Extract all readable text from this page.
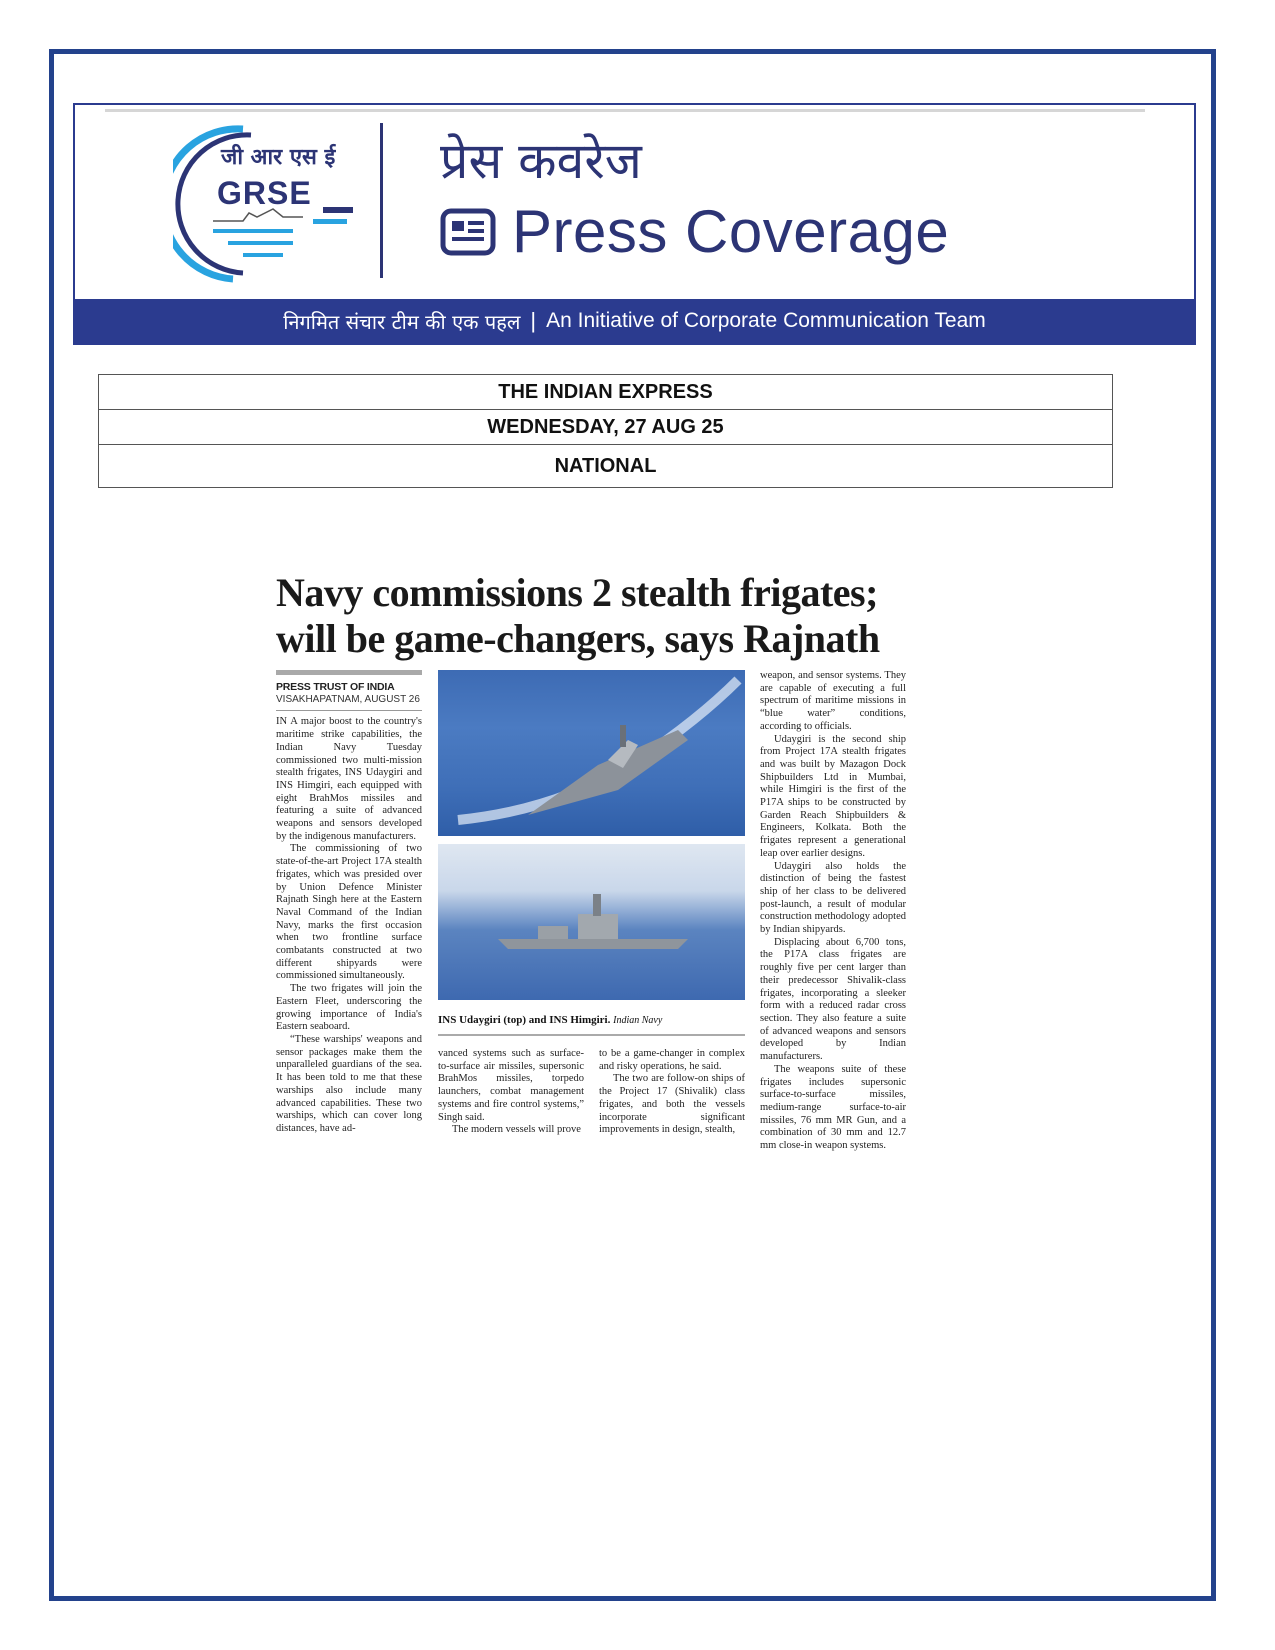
जी आर एस ई
GRSE
प्रेस कवरेज
Press Coverage
निगमित संचार टीम की एक पहल | An Initiative of Corporate Communication Team
THE INDIAN EXPRESS
WEDNESDAY, 27 AUG 25
NATIONAL
Navy commissions 2 stealth frigates;
will be game-changers, says Rajnath
PRESS TRUST OF INDIA
VISAKHAPATNAM, AUGUST 26

IN A major boost to the country's maritime strike capabilities, the Indian Navy Tuesday commissioned two multi-mission stealth frigates, INS Udaygiri and INS Himgiri, each equipped with eight BrahMos missiles and featuring a suite of advanced weapons and sensors developed by the indigenous manufacturers.

The commissioning of two state-of-the-art Project 17A stealth frigates, which was presided over by Union Defence Minister Rajnath Singh here at the Eastern Naval Command of the Indian Navy, marks the first occasion when two frontline surface combatants constructed at two different shipyards were commissioned simultaneously.

The two frigates will join the Eastern Fleet, underscoring the growing importance of India's Eastern seaboard.

“These warships' weapons and sensor packages make them the unparalleled guardians of the sea. It has been told to me that these warships also include many advanced capabilities. These two warships, which can cover long distances, have ad-

INS Udaygiri (top) and INS Himgiri. Indian Navy

vanced systems such as surface-to-surface air missiles, supersonic BrahMos missiles, torpedo launchers, combat management systems and fire control systems,” Singh said.

The modern vessels will prove

to be a game-changer in complex and risky operations, he said.

The two are follow-on ships of the Project 17 (Shivalik) class frigates, and both the vessels incorporate significant improvements in design, stealth,

weapon, and sensor systems. They are capable of executing a full spectrum of maritime missions in “blue water” conditions, according to officials.

Udaygiri is the second ship from Project 17A stealth frigates and was built by Mazagon Dock Shipbuilders Ltd in Mumbai, while Himgiri is the first of the P17A ships to be constructed by Garden Reach Shipbuilders & Engineers, Kolkata. Both the frigates represent a generational leap over earlier designs.

Udaygiri also holds the distinction of being the fastest ship of her class to be delivered post-launch, a result of modular construction methodology adopted by Indian shipyards.

Displacing about 6,700 tons, the P17A class frigates are roughly five per cent larger than their predecessor Shivalik-class frigates, incorporating a sleeker form with a reduced radar cross section. They also feature a suite of advanced weapons and sensors developed by Indian manufacturers.

The weapons suite of these frigates includes supersonic surface-to-surface missiles, medium-range surface-to-air missiles, 76 mm MR Gun, and a combination of 30 mm and 12.7 mm close-in weapon systems.
